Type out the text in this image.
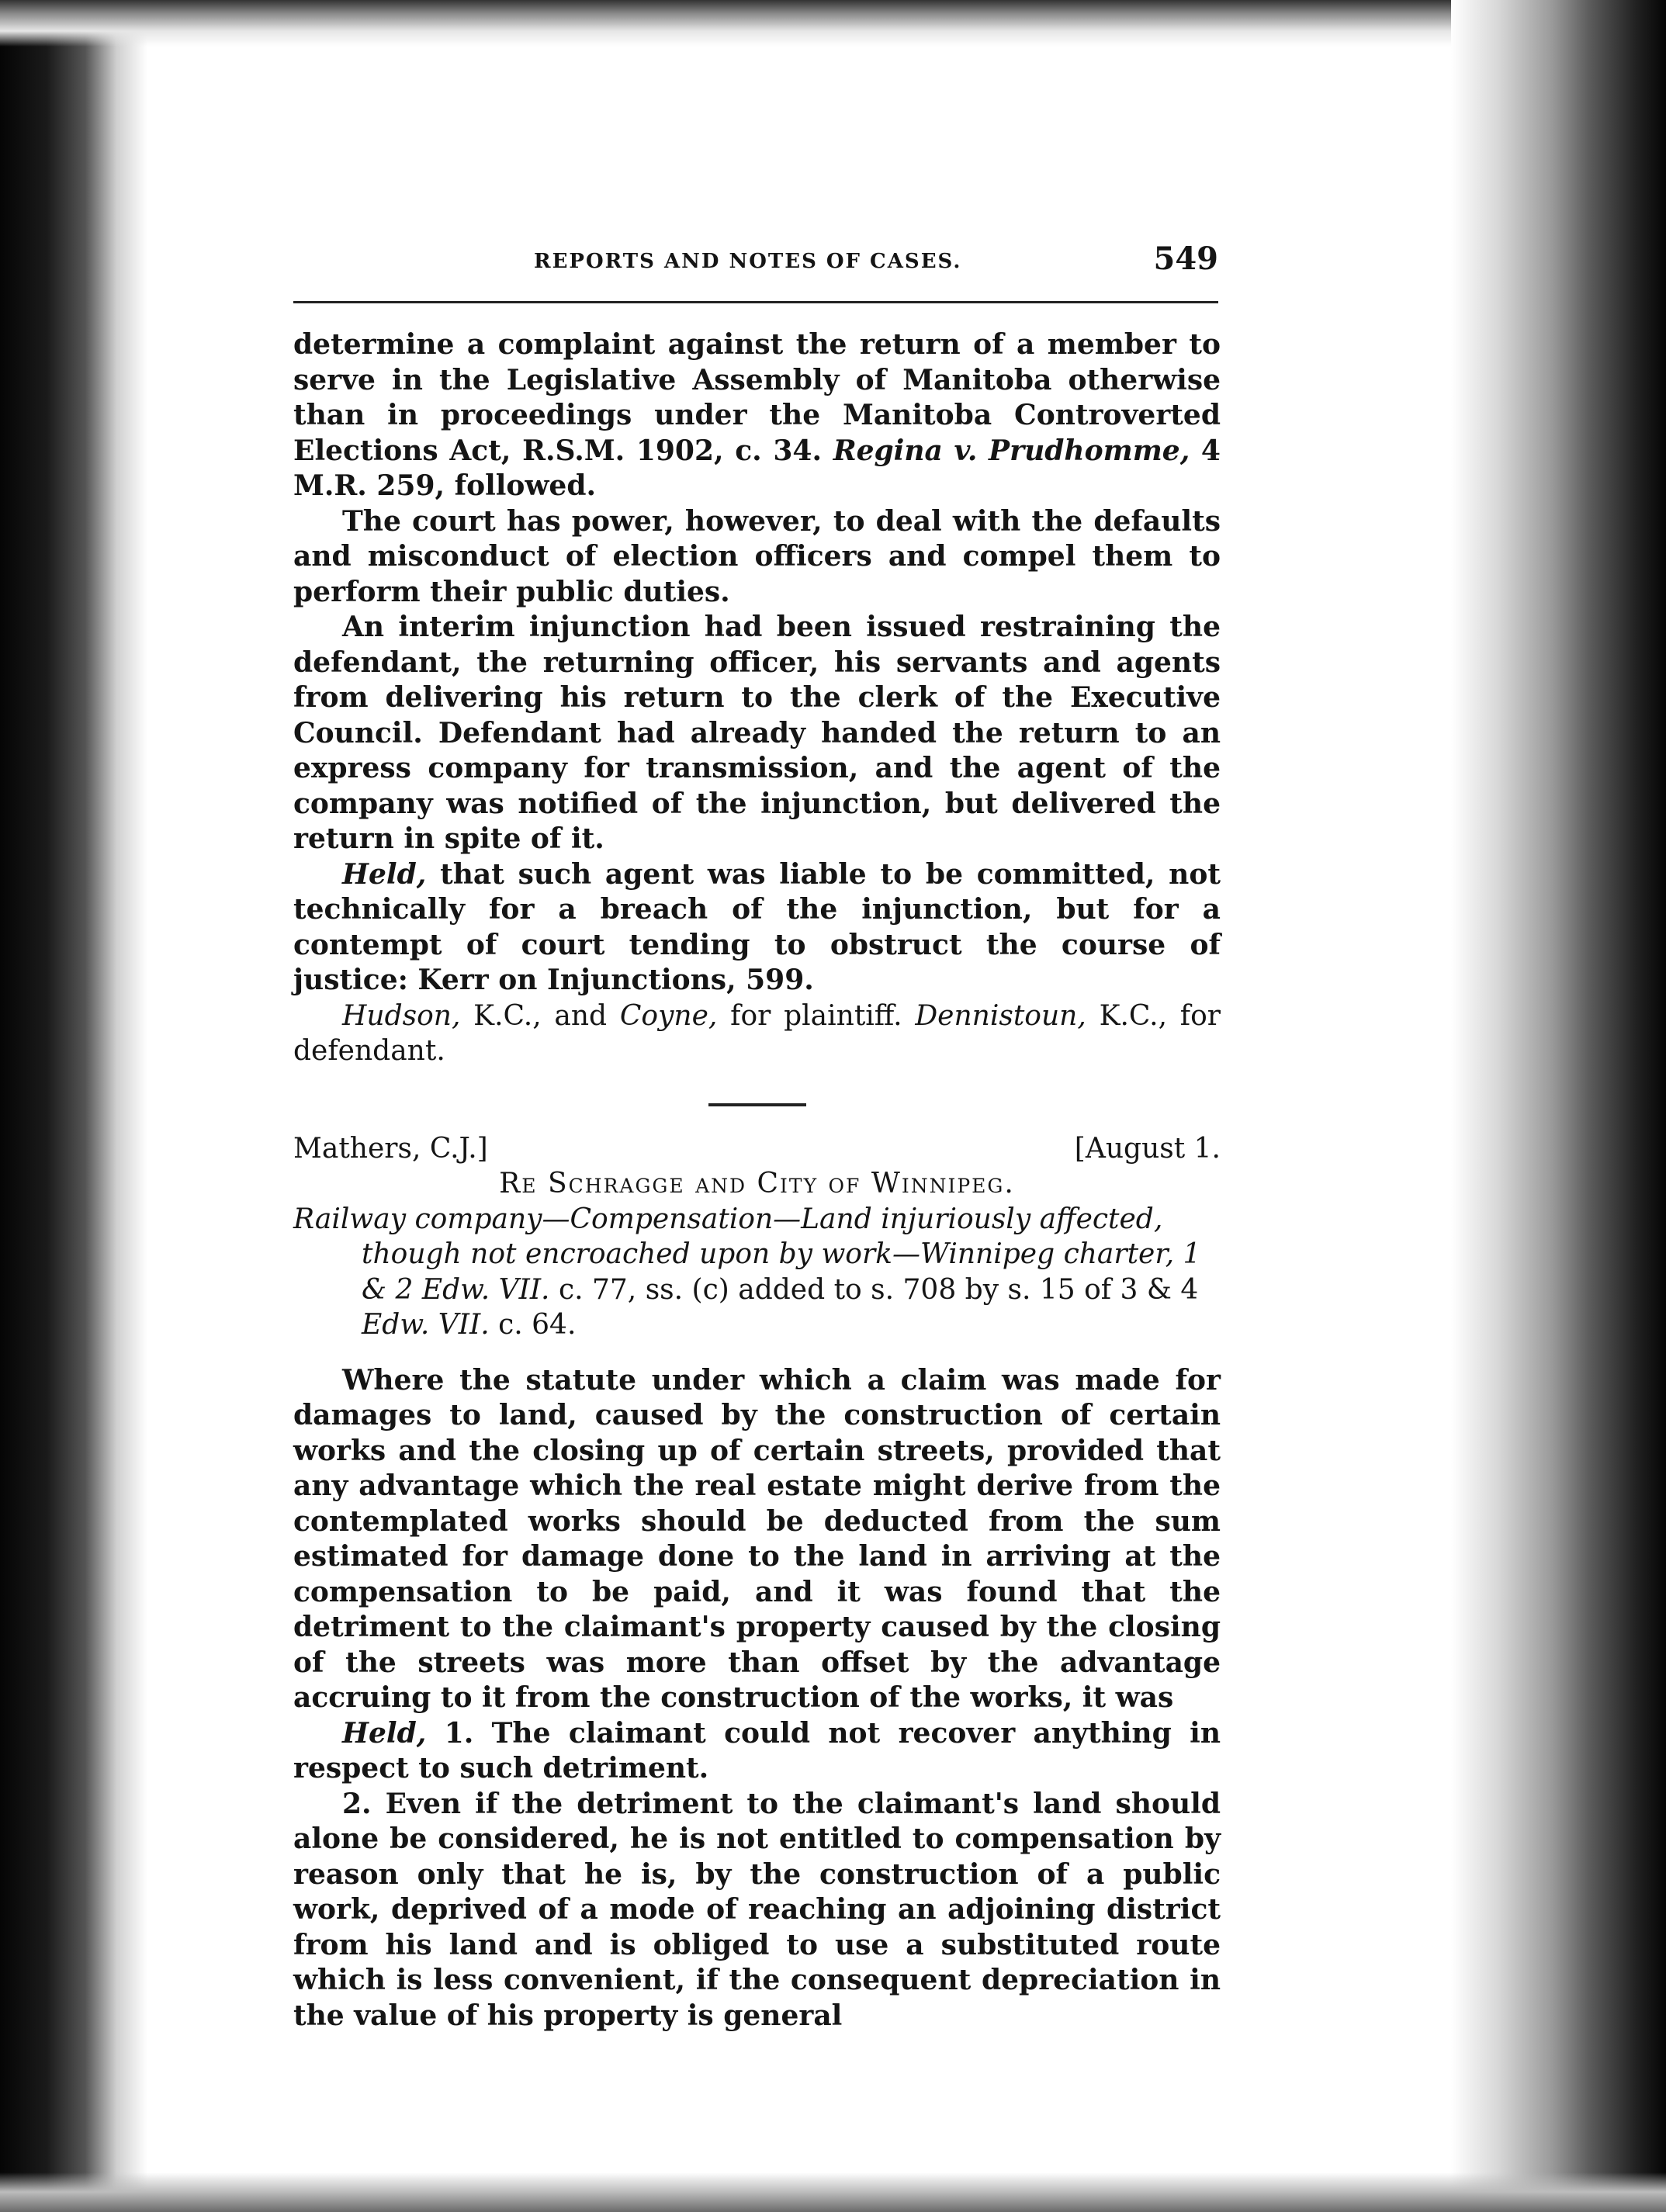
REPORTS AND NOTES OF CASES.	549

determine a complaint against the return of a member to serve in the Legislative Assembly of Manitoba otherwise than in proceedings under the Manitoba Controverted Elections Act, R.S.M. 1902, c. 34. Regina v. Prudhomme, 4 M.R. 259, followed.

The court has power, however, to deal with the defaults and misconduct of election officers and compel them to perform their public duties.

An interim injunction had been issued restraining the defendant, the returning officer, his servants and agents from delivering his return to the clerk of the Executive Council. Defendant had already handed the return to an express company for transmission, and the agent of the company was notified of the injunction, but delivered the return in spite of it.

Held, that such agent was liable to be committed, not technically for a breach of the injunction, but for a contempt of court tending to obstruct the course of justice: Kerr on Injunctions, 599.

Hudson, K.C., and Coyne, for plaintiff. Dennistoun, K.C., for defendant.

Mathers, C.J.]	[August 1.

Re Schragge and City of Winnipeg.

Railway company—Compensation—Land injuriously affected, though not encroached upon by work—Winnipeg charter, 1 & 2 Edw. VII. c. 77, ss. (c) added to s. 708 by s. 15 of 3 & 4 Edw. VII. c. 64.

Where the statute under which a claim was made for damages to land, caused by the construction of certain works and the closing up of certain streets, provided that any advantage which the real estate might derive from the contemplated works should be deducted from the sum estimated for damage done to the land in arriving at the compensation to be paid, and it was found that the detriment to the claimant's property caused by the closing of the streets was more than offset by the advantage accruing to it from the construction of the works, it was

Held, 1. The claimant could not recover anything in respect to such detriment.

2. Even if the detriment to the claimant's land should alone be considered, he is not entitled to compensation by reason only that he is, by the construction of a public work, deprived of a mode of reaching an adjoining district from his land and is obliged to use a substituted route which is less convenient, if the consequent depreciation in the value of his property is general
